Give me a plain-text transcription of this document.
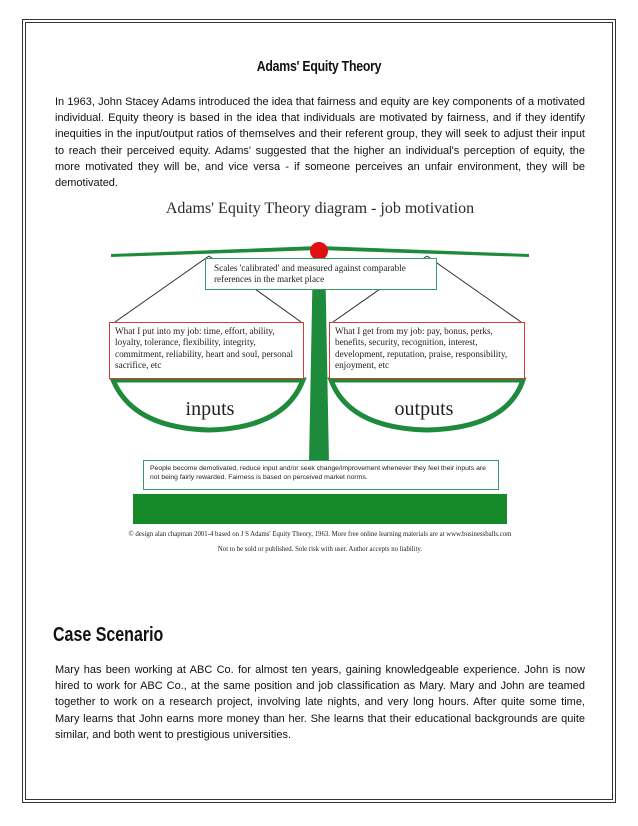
Adams' Equity Theory

In 1963, John Stacey Adams introduced the idea that fairness and equity are key components of a motivated individual. Equity theory is based in the idea that individuals are motivated by fairness, and if they identify inequities in the input/output ratios of themselves and their referent group, they will seek to adjust their input to reach their perceived equity. Adams' suggested that the higher an individual's perception of equity, the more motivated they will be, and vice versa - if someone perceives an unfair environment, they will be demotivated.

Adams' Equity Theory diagram - job motivation
Scales 'calibrated' and measured against comparable references in the market place
What I put into my job: time, effort, ability, loyalty, tolerance, flexibility, integrity, commitment, reliability, heart and soul, personal sacrifice, etc
What I get from my job: pay, bonus, perks, benefits, security, recognition, interest, development, reputation, praise, responsibility, enjoyment, etc
inputs	outputs
People become demotivated, reduce input and/or seek change/improvement whenever they feel their inputs are not being fairly rewarded. Fairness is based on perceived market norms.
© design alan chapman 2001-4 based on J S Adams' Equity Theory, 1963. More free online learning materials are at www.businessballs.com
Not to be sold or published. Sole risk with user. Author accepts no liability.
Case Scenario

Mary has been working at ABC Co. for almost ten years, gaining knowledgeable experience. John is now hired to work for ABC Co., at the same position and job classification as Mary. Mary and John are teamed together to work on a research project, involving late nights, and very long hours. After quite some time, Mary learns that John earns more money than her. She learns that their educational backgrounds are quite similar, and both went to prestigious universities.
